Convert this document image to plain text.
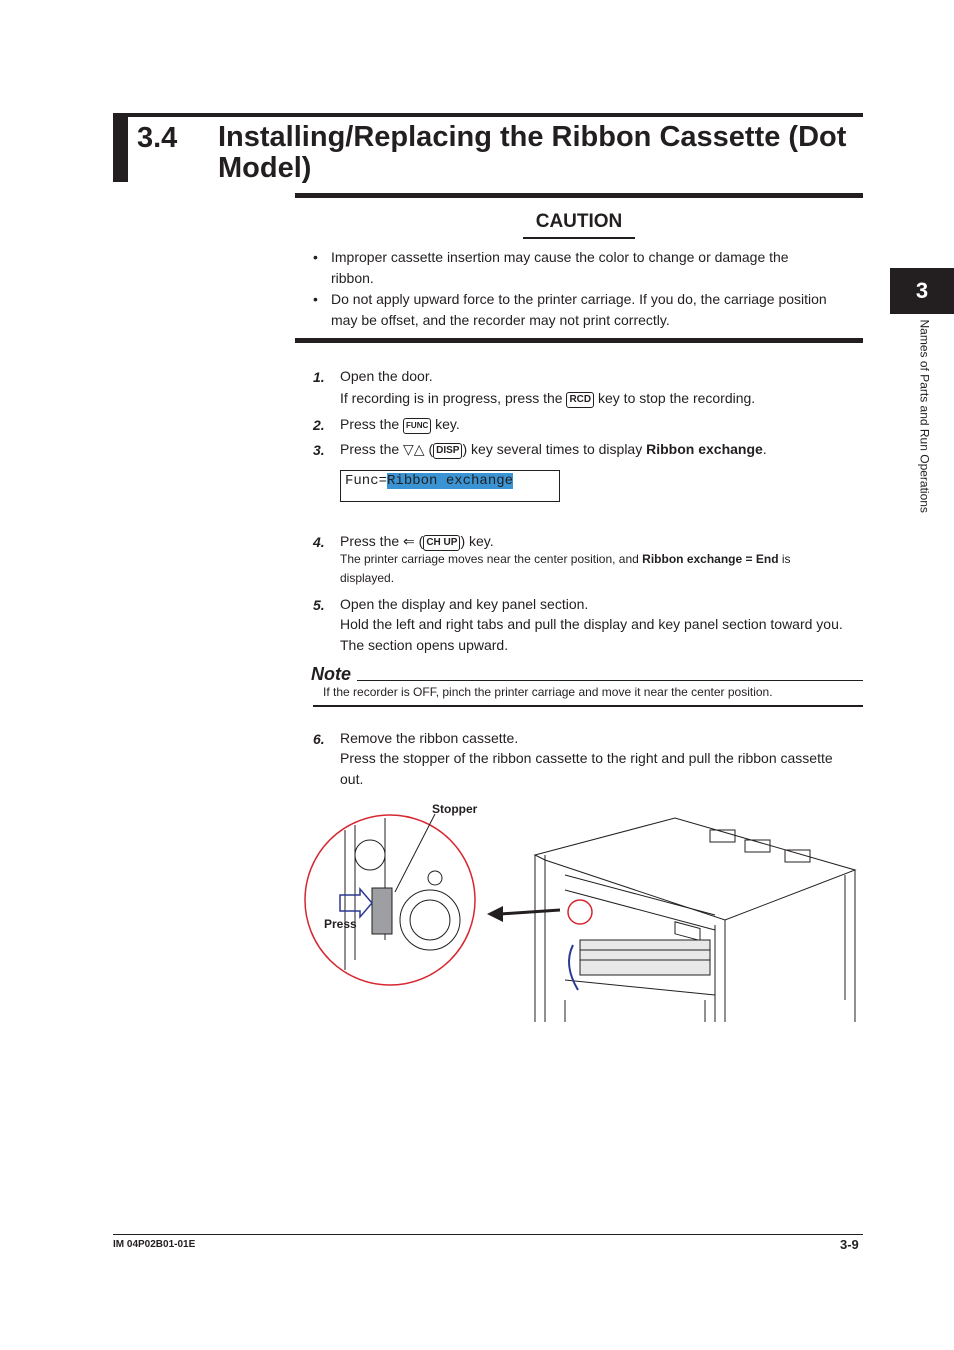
3.4 Installing/Replacing the Ribbon Cassette (Dot Model)
CAUTION
• Improper cassette insertion may cause the color to change or damage the ribbon.
• Do not apply upward force to the printer carriage. If you do, the carriage position may be offset, and the recorder may not print correctly.
1. Open the door.
If recording is in progress, press the RCD key to stop the recording.
2. Press the FUNC key.
3. Press the ▽△ ( DISP ) key several times to display Ribbon exchange.
Func=Ribbon exchange
4. Press the ⇐ ( CH UP ) key.
The printer carriage moves near the center position, and Ribbon exchange = End is
displayed.
5. Open the display and key panel section.
Hold the left and right tabs and pull the display and key panel section toward you.
The section opens upward.
Note
If the recorder is OFF, pinch the printer carriage and move it near the center position.
6. Remove the ribbon cassette.
Press the stopper of the ribbon cassette to the right and pull the ribbon cassette
out.
Stopper
Press
3
Names of Parts and Run Operations
IM 04P02B01-01E	3-9
